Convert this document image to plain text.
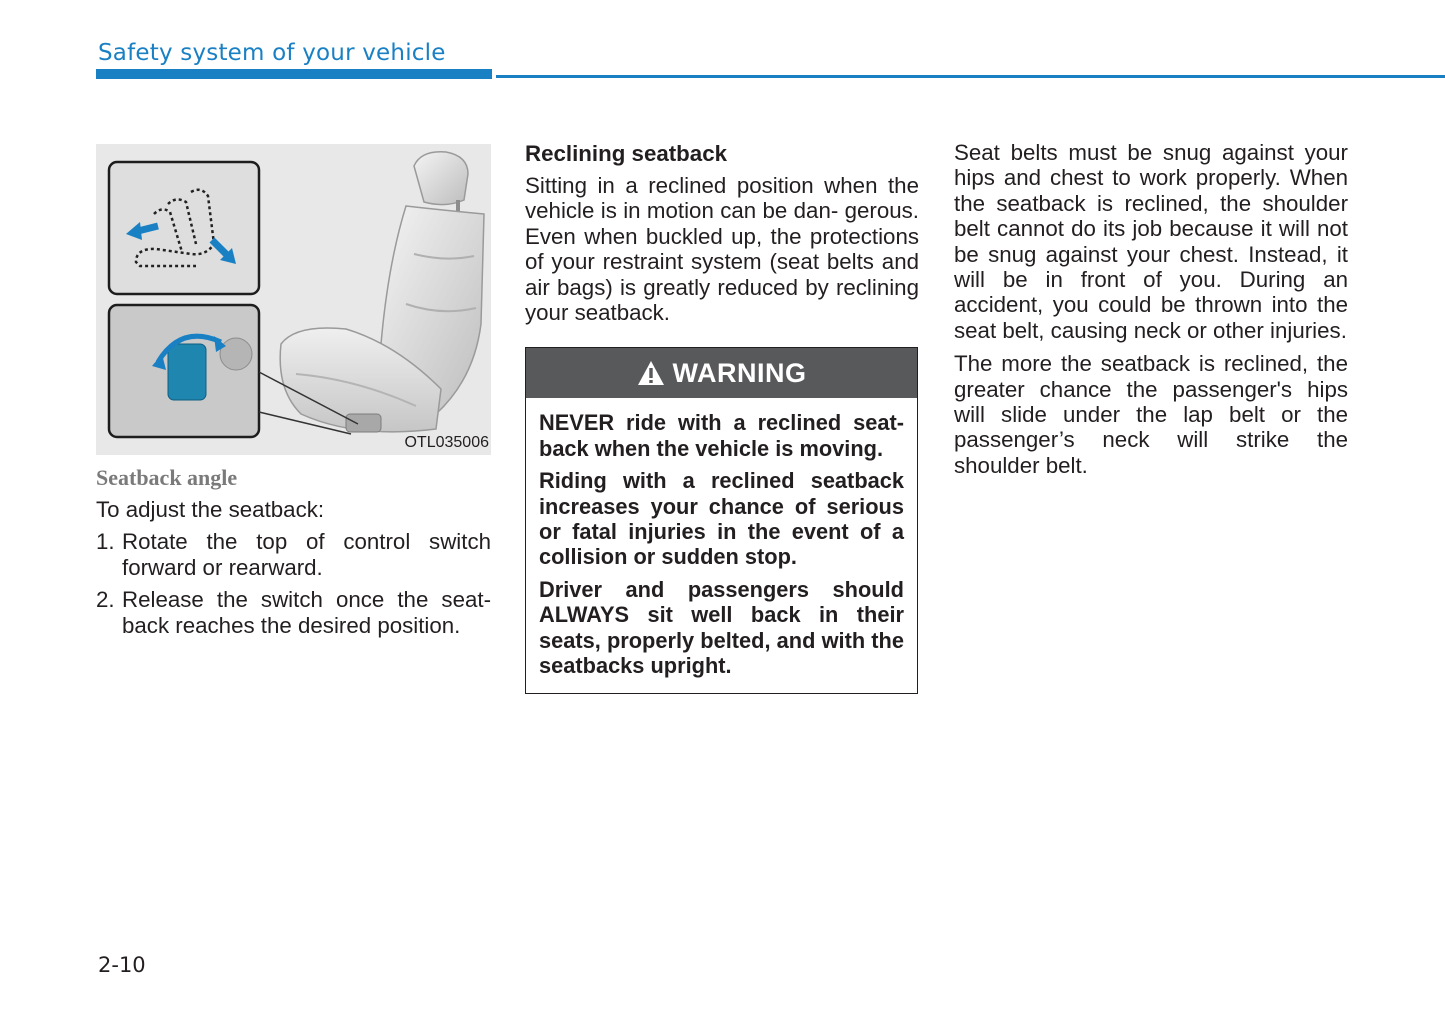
Safety system of your vehicle
OTL035006
Seatback angle

To adjust the seatback:

1. Rotate the top of control switch forward or rearward.
2. Release the switch once the seat- back reaches the desired position.
Reclining seatback

Sitting in a reclined position when the vehicle is in motion can be dan- gerous. Even when buckled up, the protections of your restraint system (seat belts and air bags) is greatly reduced by reclining your seatback.

WARNING

NEVER ride with a reclined seat- back when the vehicle is moving.

Riding with a reclined seatback increases your chance of serious or fatal injuries in the event of a collision or sudden stop.

Driver and passengers should ALWAYS sit well back in their seats, properly belted, and with the seatbacks upright.

Seat belts must be snug against your hips and chest to work properly. When the seatback is reclined, the shoulder belt cannot do its job because it will not be snug against your chest. Instead, it will be in front of you. During an accident, you could be thrown into the seat belt, causing neck or other injuries.

The more the seatback is reclined, the greater chance the passenger's hips will slide under the lap belt or the passenger’s neck will strike the shoulder belt.

2-10
